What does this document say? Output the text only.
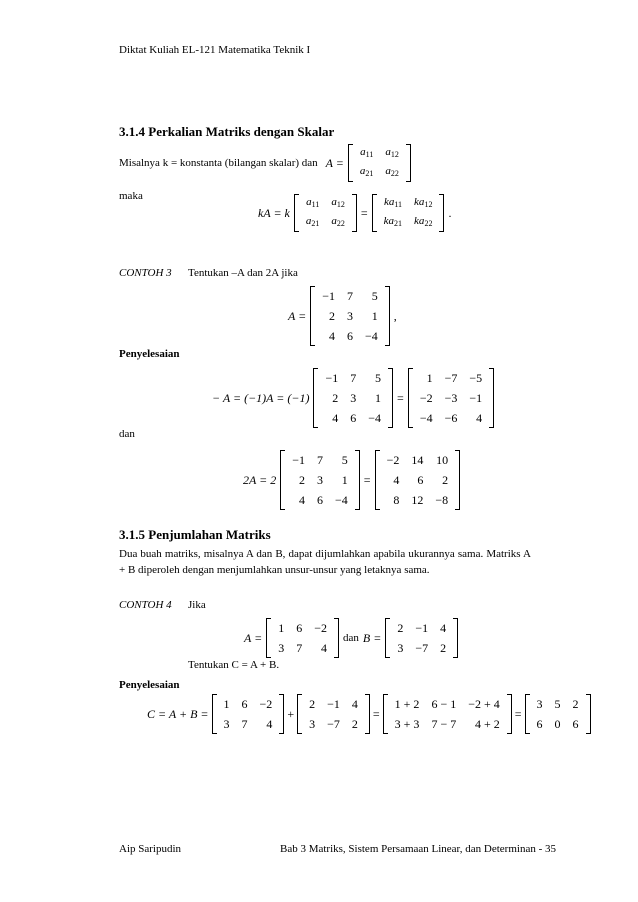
Diktat Kuliah EL-121 Matematika Teknik I
3.1.4 Perkalian Matriks dengan Skalar
Misalnya k = konstanta (bilangan skalar) dan A =
$a_{11}$	$a_{12}$
$a_{21}$	$a_{22}$
maka
kA = k
$a_{11}$	$a_{12}$
$a_{21}$	$a_{22}$
=
$ka_{11}$	$ka_{12}$
$ka_{21}$	$ka_{22}$
.
CONTOH 3 Tentukan –A dan 2A jika
A =
−1	7	5
2	3	1
4	6	−4
,
Penyelesaian
− A = (−1)A = (−1)
−1	7	5
2	3	1
4	6	−4
=
1	−7	−5
−2	−3	−1
−4	−6	4
dan
2A = 2
−1	7	5
2	3	1
4	6	−4
=
−2	14	10
4	6	2
8	12	−8
3.1.5 Penjumlahan Matriks
Dua buah matriks, misalnya A dan B, dapat dijumlahkan apabila ukurannya sama. Matriks A + B diperoleh dengan menjumlahkan unsur-unsur yang letaknya sama.
CONTOH 4 Jika
A =
1	6	−2
3	7	4
dan B =
2	−1	4
3	−7	2
Tentukan C = A + B.
Penyelesaian
C = A + B =
1	6	−2
3	7	4
+
2	−1	4
3	−7	2
=
1 + 2	6 − 1	−2 + 4
3 + 3	7 − 7	4 + 2
=
3	5	2
6	0	6
Aip Saripudin	Bab 3 Matriks, Sistem Persamaan Linear, dan Determinan - 35
